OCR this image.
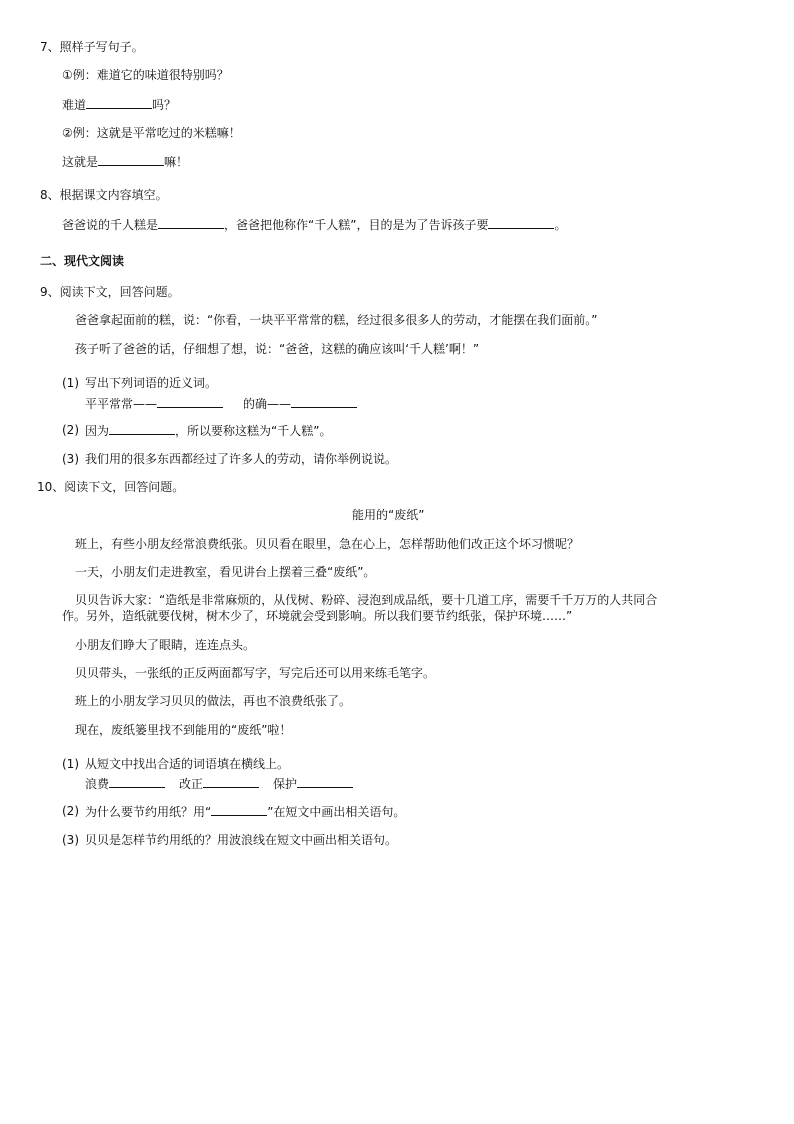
7、照样子写句子。
①例：难道它的味道很特别吗？
难道	吗？
②例：这就是平常吃过的米糕嘛！
这就是	嘛！
8、根据课文内容填空。
爸爸说的千人糕是	，爸爸把他称作“千人糕”，目的是为了告诉孩子要	。
二、现代文阅读
9、阅读下文，回答问题。
爸爸拿起面前的糕，说：“你看，一块平平常常的糕，经过很多很多人的劳动，才能摆在我们面前。”
孩子听了爸爸的话，仔细想了想，说：“爸爸，这糕的确应该叫‘千人糕’啊！”
(1) 写出下列词语的近义词。
平平常常——	的确——
(2) 因为	，所以要称这糕为“千人糕”。
(3) 我们用的很多东西都经过了许多人的劳动，请你举例说说。
10、阅读下文，回答问题。
能用的“废纸”
班上，有些小朋友经常浪费纸张。贝贝看在眼里，急在心上，怎样帮助他们改正这个坏习惯呢？
一天，小朋友们走进教室，看见讲台上摆着三叠“废纸”。
贝贝告诉大家：“造纸是非常麻烦的，从伐树、粉碎、浸泡到成品纸，要十几道工序，需要千千万万的人共同合
作。另外，造纸就要伐树，树木少了，环境就会受到影响。所以我们要节约纸张，保护环境……”
小朋友们睁大了眼睛，连连点头。
贝贝带头，一张纸的正反两面都写字，写完后还可以用来练毛笔字。
班上的小朋友学习贝贝的做法，再也不浪费纸张了。
现在，废纸篓里找不到能用的“废纸”啦！
(1) 从短文中找出合适的词语填在横线上。
浪费	改正	保护
(2) 为什么要节约用纸？用“	”在短文中画出相关语句。
(3) 贝贝是怎样节约用纸的？用波浪线在短文中画出相关语句。
